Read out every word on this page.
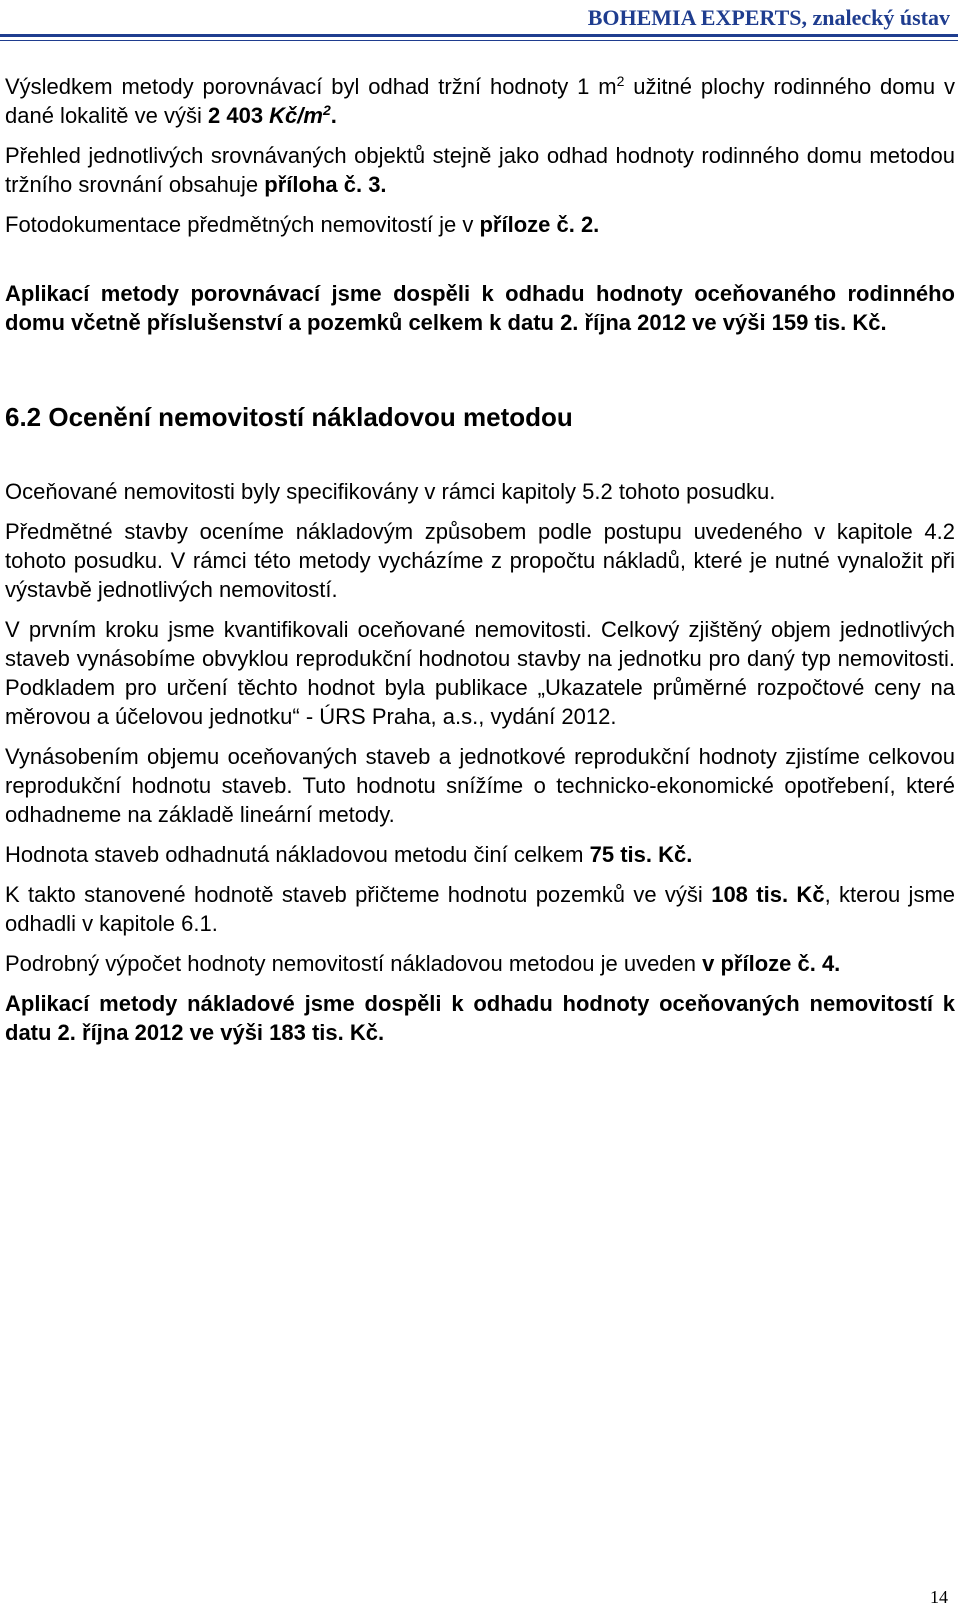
BOHEMIA EXPERTS, znalecký ústav

Výsledkem metody porovnávací byl odhad tržní hodnoty 1 $m^2$ užitné plochy rodinného domu v dané lokalitě ve výši 2 403 $Kč/m^2$.

Přehled jednotlivých srovnávaných objektů stejně jako odhad hodnoty rodinného domu metodou tržního srovnání obsahuje příloha č. 3.

Fotodokumentace předmětných nemovitostí je v příloze č. 2.

Aplikací metody porovnávací jsme dospěli k odhadu hodnoty oceňovaného rodinného domu včetně příslušenství a pozemků celkem k datu 2. října 2012 ve výši 159 tis. Kč.

6.2 Ocenění nemovitostí nákladovou metodou

Oceňované nemovitosti byly specifikovány v rámci kapitoly 5.2 tohoto posudku.

Předmětné stavby oceníme nákladovým způsobem podle postupu uvedeného v kapitole 4.2 tohoto posudku. V rámci této metody vycházíme z propočtu nákladů, které je nutné vynaložit při výstavbě jednotlivých nemovitostí.

V prvním kroku jsme kvantifikovali oceňované nemovitosti. Celkový zjištěný objem jednotlivých staveb vynásobíme obvyklou reprodukční hodnotou stavby na jednotku pro daný typ nemovitosti. Podkladem pro určení těchto hodnot byla publikace „Ukazatele průměrné rozpočtové ceny na měrovou a účelovou jednotku“ - ÚRS Praha, a.s., vydání 2012.

Vynásobením objemu oceňovaných staveb a jednotkové reprodukční hodnoty zjistíme celkovou reprodukční hodnotu staveb. Tuto hodnotu snížíme o technicko-ekonomické opotřebení, které odhadneme na základě lineární metody.

Hodnota staveb odhadnutá nákladovou metodu činí celkem 75 tis. Kč.

K takto stanovené hodnotě staveb přičteme hodnotu pozemků ve výši 108 tis. Kč, kterou jsme odhadli v kapitole 6.1.

Podrobný výpočet hodnoty nemovitostí nákladovou metodou je uveden v příloze č. 4.

Aplikací metody nákladové jsme dospěli k odhadu hodnoty oceňovaných nemovitostí k datu 2. října 2012 ve výši 183 tis. Kč.

14
